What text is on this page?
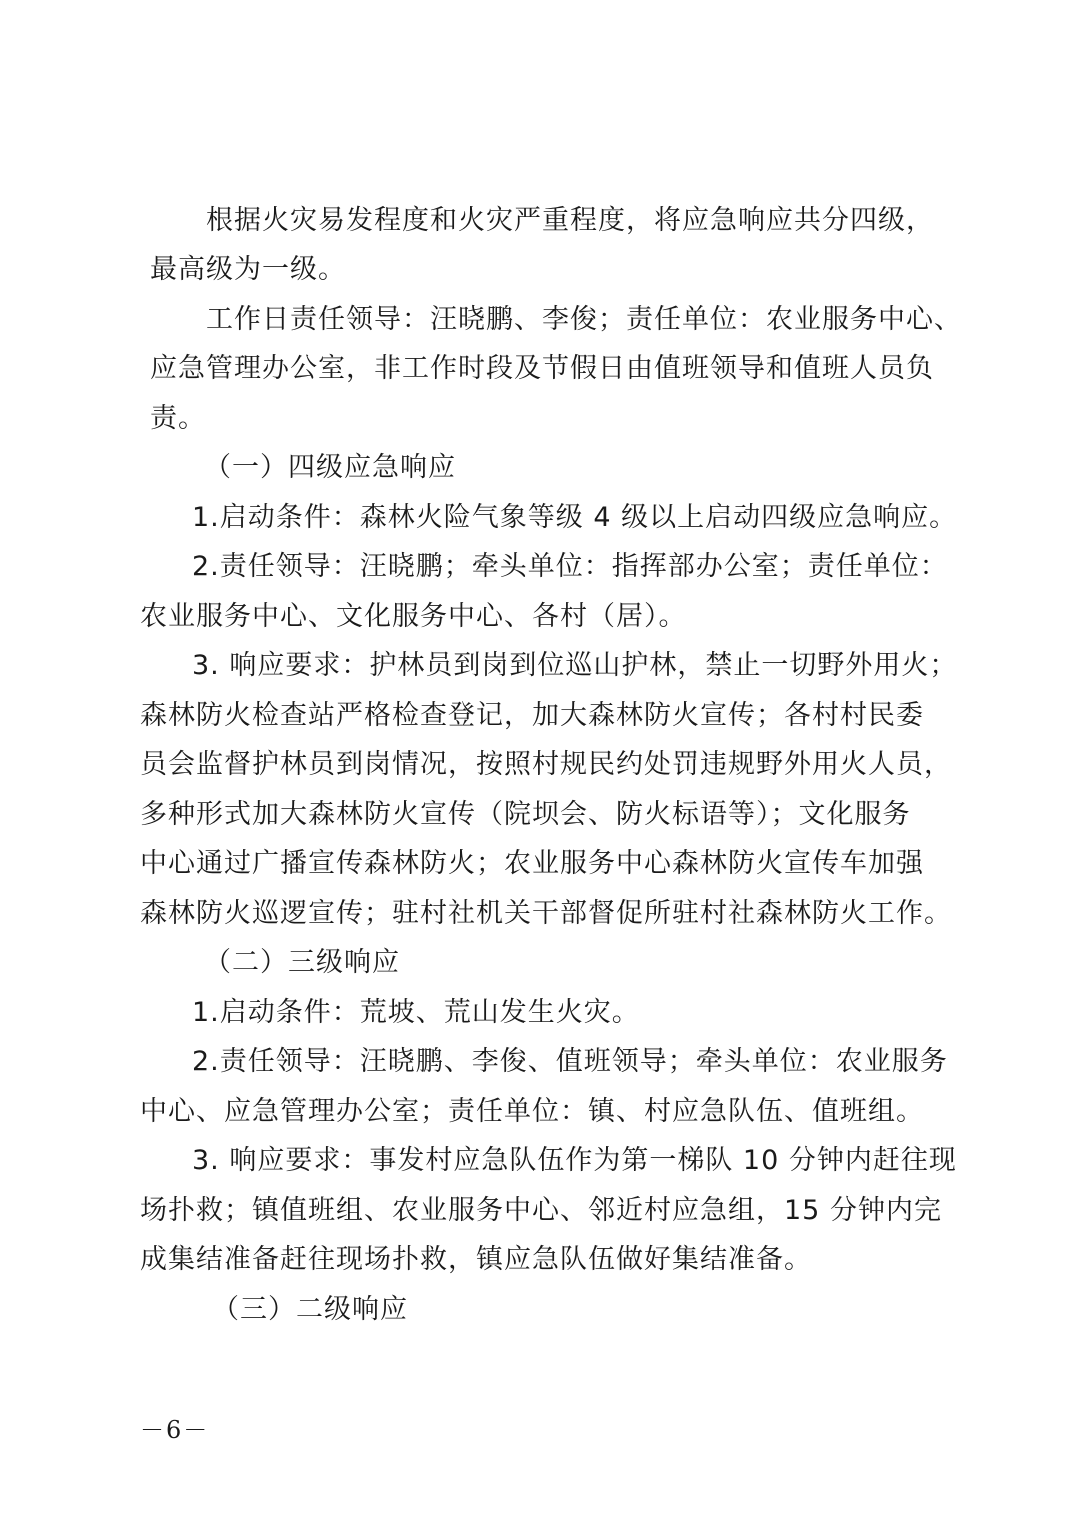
根据火灾易发程度和火灾严重程度，将应急响应共分四级，

最高级为一级。

工作日责任领导：汪晓鹏、李俊；责任单位：农业服务中心、

应急管理办公室，非工作时段及节假日由值班领导和值班人员负

责。

（一）四级应急响应

1.启动条件：森林火险气象等级 4 级以上启动四级应急响应。

2.责任领导：汪晓鹏；牵头单位：指挥部办公室；责任单位：

农业服务中心、文化服务中心、各村（居）。

3. 响应要求：护林员到岗到位巡山护林，禁止一切野外用火；

森林防火检查站严格检查登记，加大森林防火宣传；各村村民委

员会监督护林员到岗情况，按照村规民约处罚违规野外用火人员，

多种形式加大森林防火宣传（院坝会、防火标语等）；文化服务

中心通过广播宣传森林防火；农业服务中心森林防火宣传车加强

森林防火巡逻宣传；驻村社机关干部督促所驻村社森林防火工作。

（二）三级响应

1.启动条件：荒坡、荒山发生火灾。

2.责任领导：汪晓鹏、李俊、值班领导；牵头单位：农业服务

中心、应急管理办公室；责任单位：镇、村应急队伍、值班组。

3. 响应要求：事发村应急队伍作为第一梯队 10 分钟内赶往现

场扑救；镇值班组、农业服务中心、邻近村应急组，15 分钟内完

成集结准备赶往现场扑救，镇应急队伍做好集结准备。

（三）二级响应

－6－
